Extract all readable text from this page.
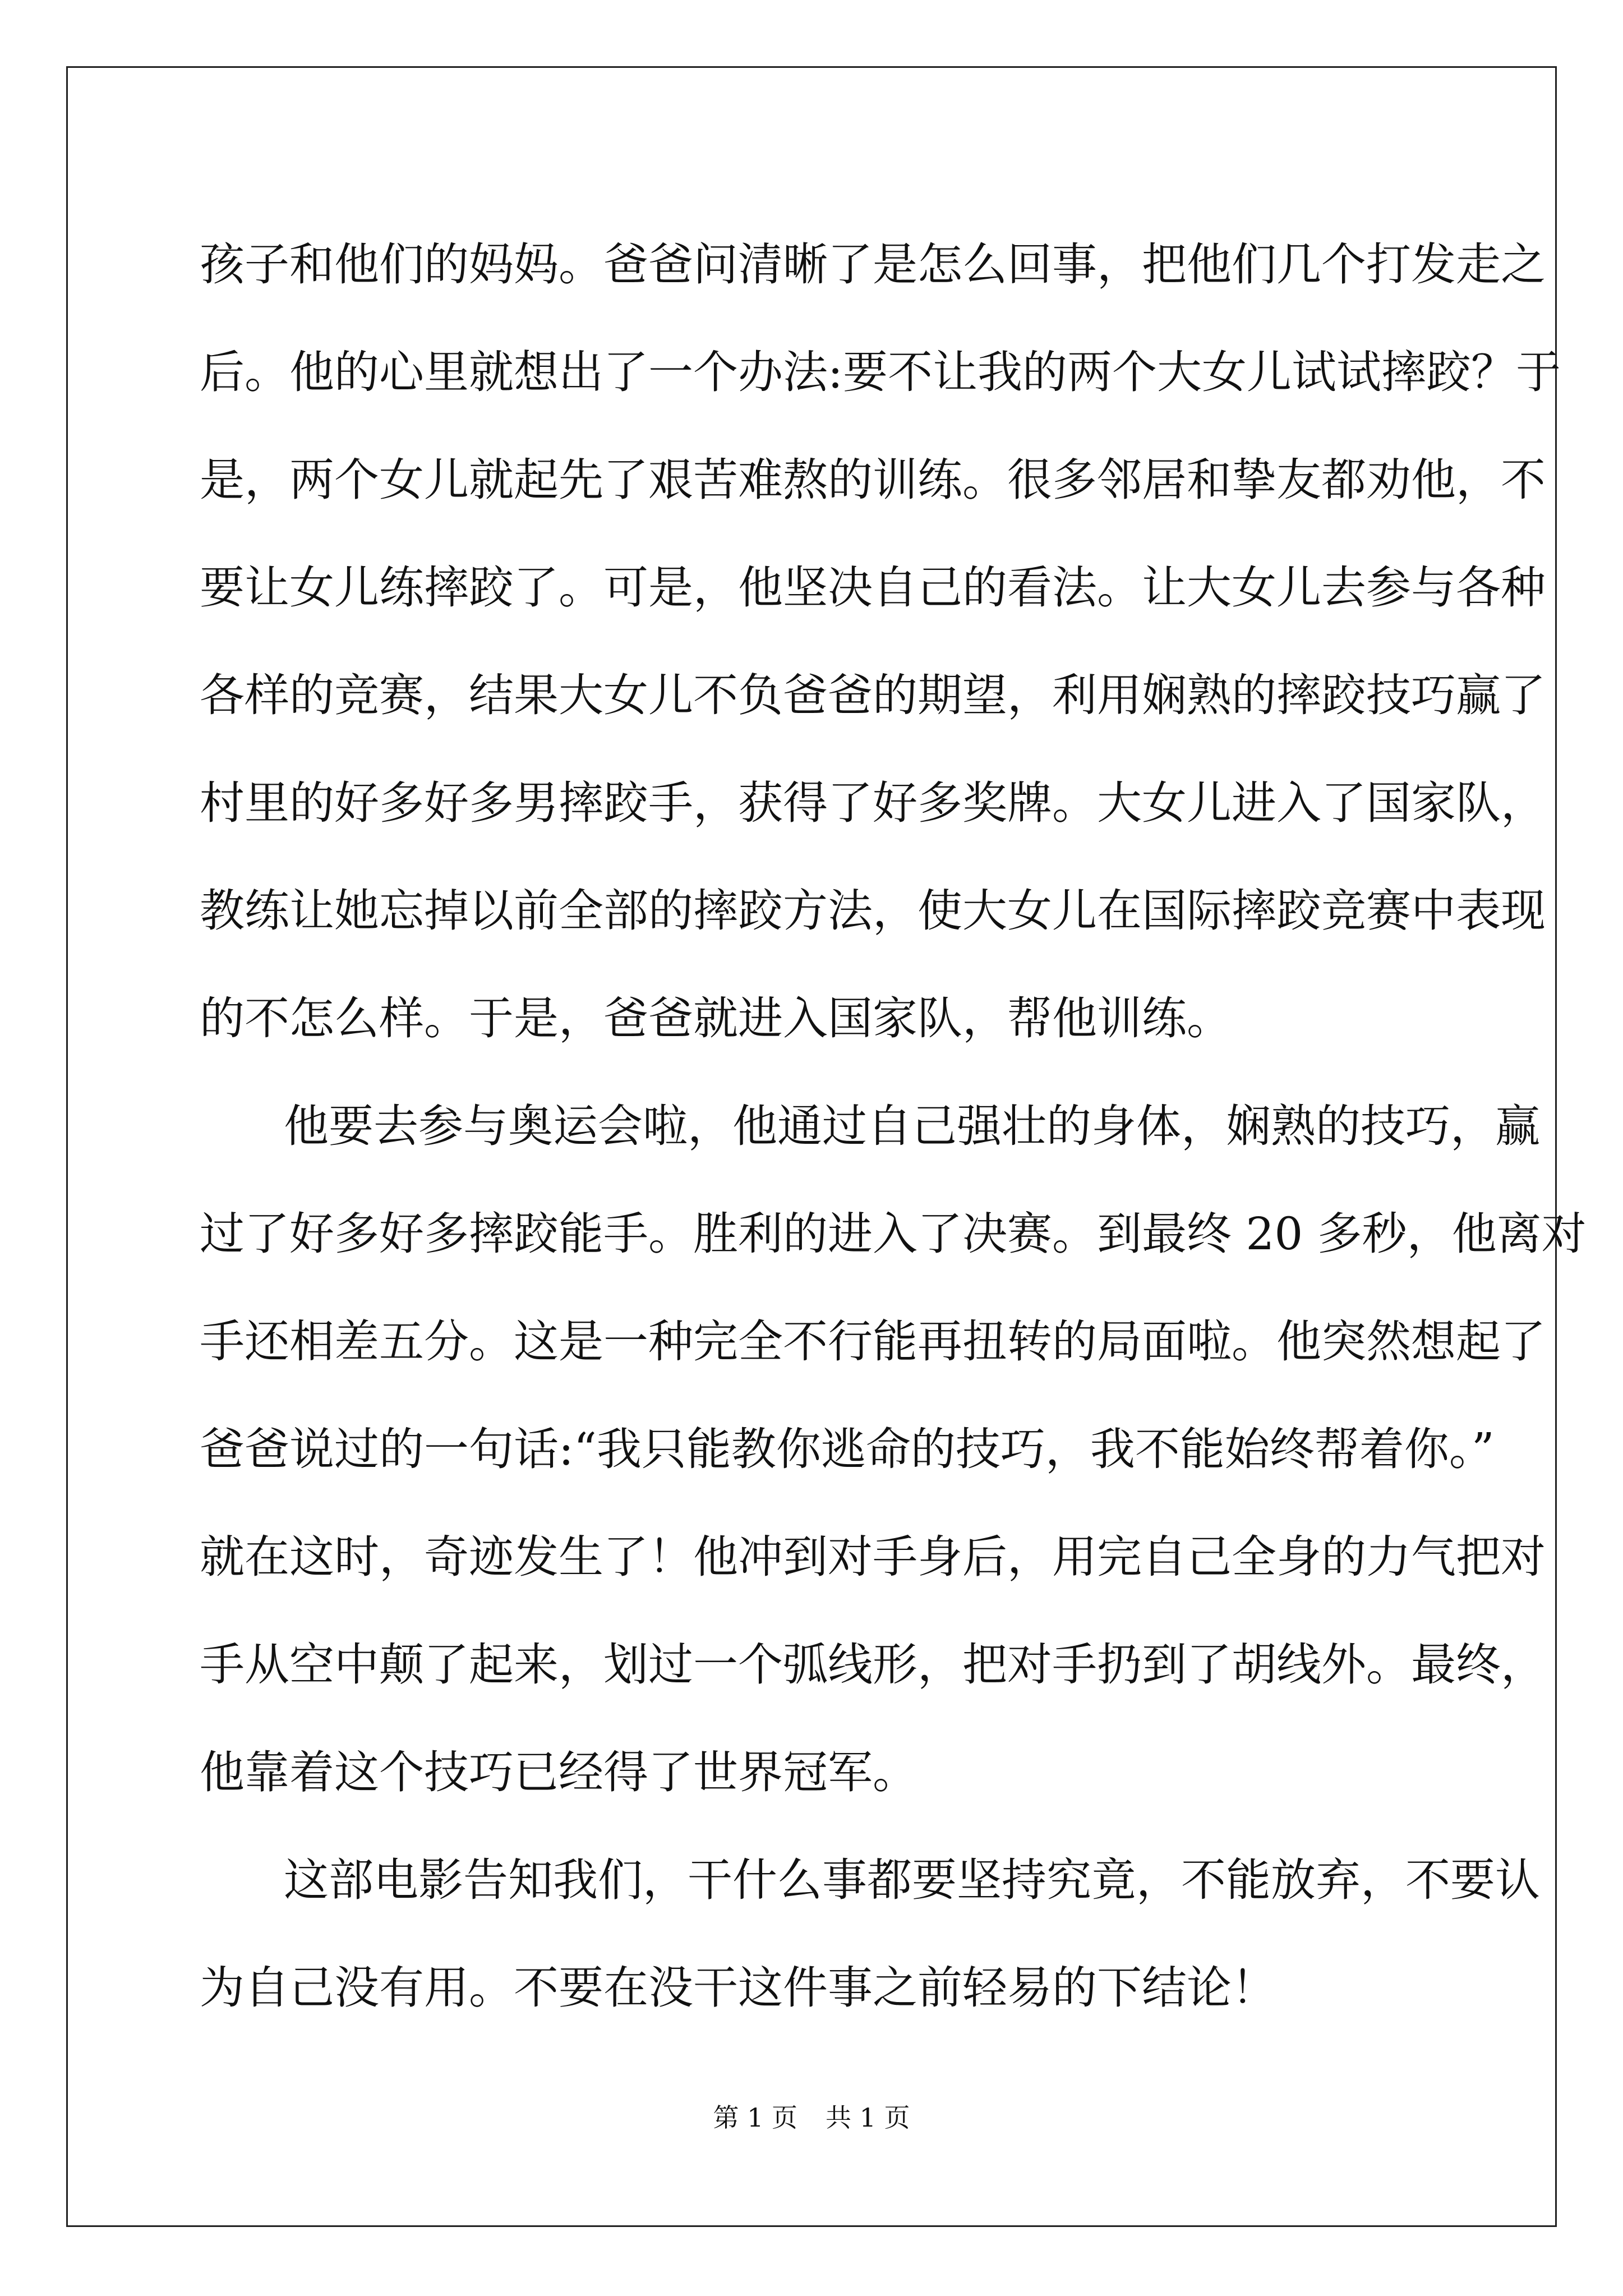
孩子和他们的妈妈。爸爸问清晰了是怎么回事，把他们几个打发走之
后。他的心里就想出了一个办法:要不让我的两个大女儿试试摔跤？于
是，两个女儿就起先了艰苦难熬的训练。很多邻居和挚友都劝他，不
要让女儿练摔跤了。可是，他坚决自己的看法。让大女儿去参与各种
各样的竞赛，结果大女儿不负爸爸的期望，利用娴熟的摔跤技巧赢了
村里的好多好多男摔跤手，获得了好多奖牌。大女儿进入了国家队，
教练让她忘掉以前全部的摔跤方法，使大女儿在国际摔跤竞赛中表现
的不怎么样。于是，爸爸就进入国家队，帮他训练。
他要去参与奥运会啦，他通过自己强壮的身体，娴熟的技巧，赢
过了好多好多摔跤能手。胜利的进入了决赛。到最终 20 多秒，他离对
手还相差五分。这是一种完全不行能再扭转的局面啦。他突然想起了
爸爸说过的一句话:“我只能教你逃命的技巧，我不能始终帮着你。”
就在这时，奇迹发生了！他冲到对手身后，用完自己全身的力气把对
手从空中颠了起来，划过一个弧线形，把对手扔到了胡线外。最终，
他靠着这个技巧已经得了世界冠军。
这部电影告知我们，干什么事都要坚持究竟，不能放弃，不要认
为自己没有用。不要在没干这件事之前轻易的下结论！
第 1 页 共 1 页
